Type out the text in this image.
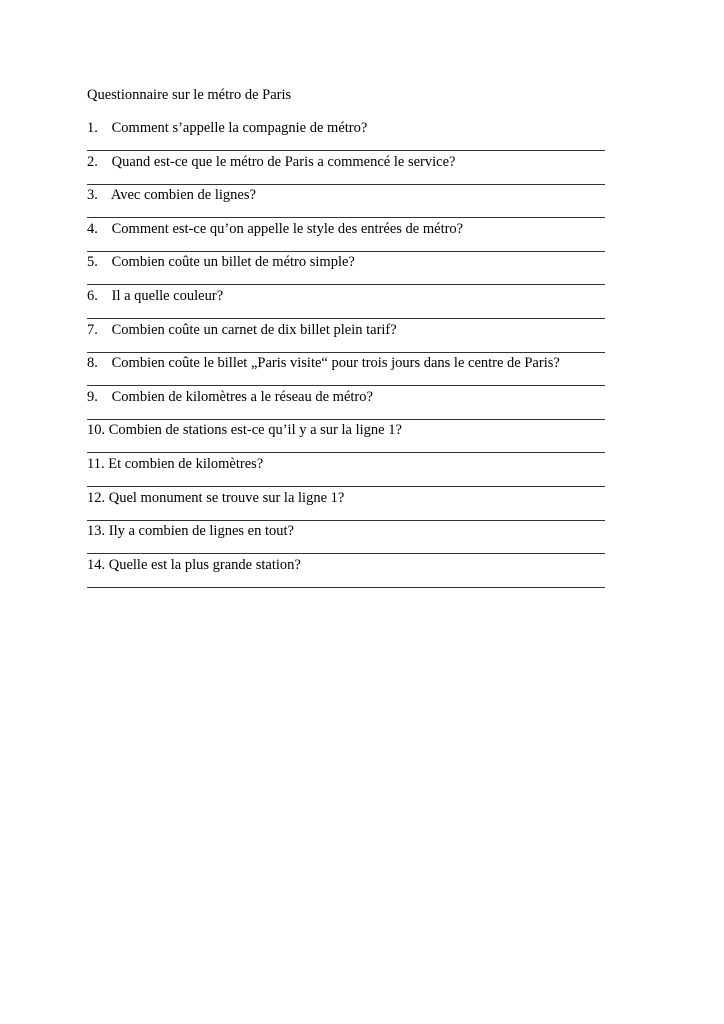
Questionnaire sur le métro de Paris
1. Comment s’appelle la compagnie de métro?
2. Quand est-ce que le métro de Paris a commencé le service?
3. Avec combien de lignes?
4. Comment est-ce qu’on appelle le style des entrées de métro?
5. Combien coûte un billet de métro simple?
6. Il a quelle couleur?
7. Combien coûte un carnet de dix billet plein tarif?
8. Combien coûte le billet „Paris visite“ pour trois jours dans le centre de Paris?
9. Combien de kilomètres a le réseau de métro?
10. Combien de stations est-ce qu’il y a sur la ligne 1?
11. Et combien de kilomètres?
12. Quel monument se trouve sur la ligne 1?
13. Ily a combien de lignes en tout?
14. Quelle est la plus grande station?
